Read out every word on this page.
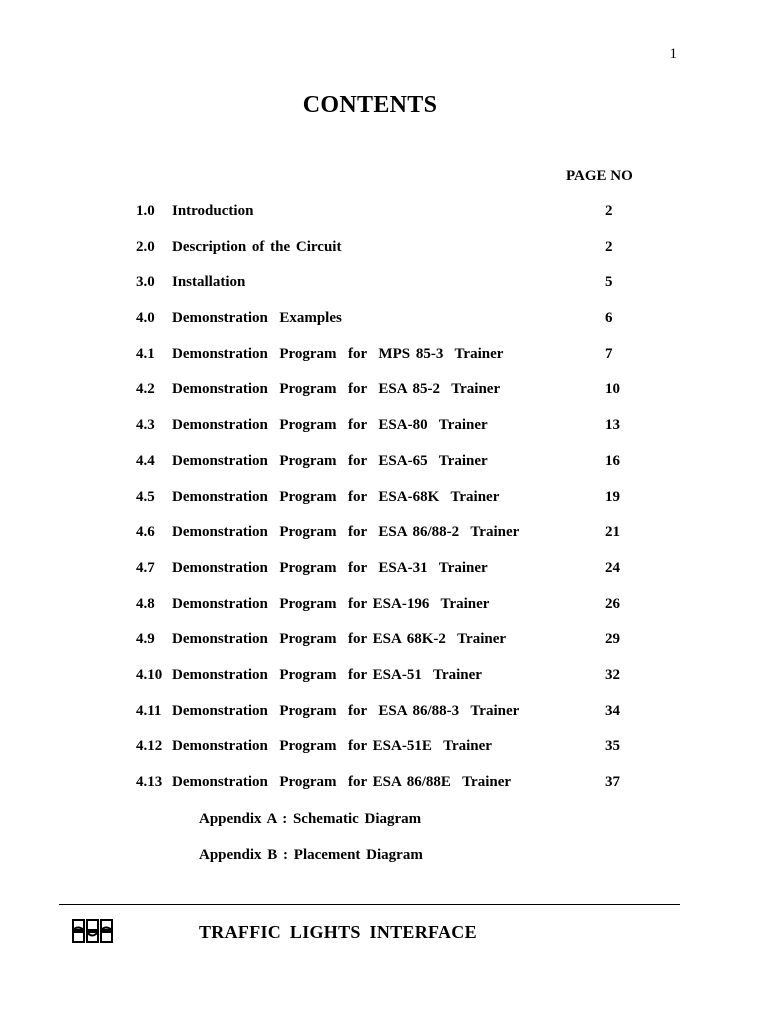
1
CONTENTS
PAGE NO
1.0 Introduction	2
2.0 Description of the Circuit	2
3.0 Installation	5
4.0 Demonstration  Examples	6
4.1 Demonstration  Program  for  MPS 85-3  Trainer	7
4.2 Demonstration  Program  for  ESA 85-2  Trainer	10
4.3 Demonstration  Program  for  ESA-80  Trainer	13
4.4 Demonstration  Program  for  ESA-65  Trainer	16
4.5 Demonstration  Program  for  ESA-68K  Trainer	19
4.6 Demonstration  Program  for  ESA 86/88-2  Trainer	21
4.7 Demonstration  Program  for  ESA-31  Trainer	24
4.8 Demonstration  Program  for ESA-196  Trainer	26
4.9 Demonstration  Program  for ESA 68K-2  Trainer	29
4.10 Demonstration  Program  for ESA-51  Trainer	32
4.11 Demonstration  Program  for  ESA 86/88-3  Trainer	34
4.12 Demonstration  Program  for ESA-51E  Trainer	35
4.13 Demonstration  Program  for ESA 86/88E  Trainer	37
Appendix A : Schematic Diagram
Appendix B : Placement Diagram
TRAFFIC LIGHTS INTERFACE
